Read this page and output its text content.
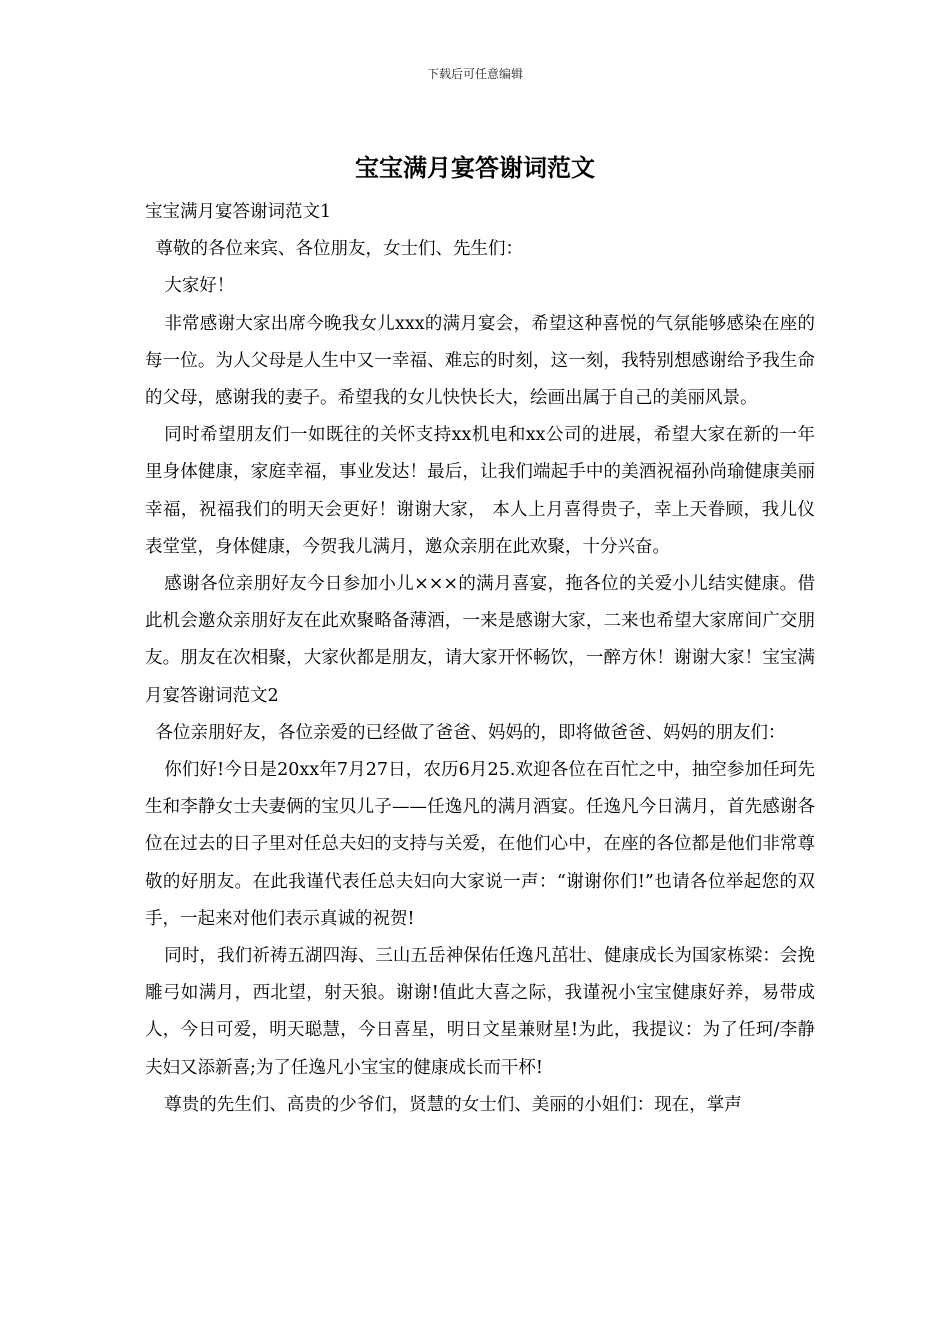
下载后可任意编辑
宝宝满月宴答谢词范文

宝宝满月宴答谢词范文1

尊敬的各位来宾、各位朋友，女士们、先生们：

大家好！

非常感谢大家出席今晚我女儿xxx的满月宴会，希望这种喜悦的气氛能够感染在座的每一位。为人父母是人生中又一幸福、难忘的时刻，这一刻，我特别想感谢给予我生命的父母，感谢我的妻子。希望我的女儿快快长大，绘画出属于自己的美丽风景。

同时希望朋友们一如既往的关怀支持xx机电和xx公司的进展，希望大家在新的一年里身体健康，家庭幸福，事业发达！最后，让我们端起手中的美酒祝福孙尚瑜健康美丽幸福，祝福我们的明天会更好！谢谢大家， 本人上月喜得贵子，幸上天眷顾，我儿仪表堂堂，身体健康，今贺我儿满月，邀众亲朋在此欢聚，十分兴奋。

感谢各位亲朋好友今日参加小儿×××的满月喜宴，拖各位的关爱小儿结实健康。借此机会邀众亲朋好友在此欢聚略备薄酒，一来是感谢大家，二来也希望大家席间广交朋友。朋友在次相聚，大家伙都是朋友，请大家开怀畅饮，一醉方休！谢谢大家！宝宝满月宴答谢词范文2

各位亲朋好友，各位亲爱的已经做了爸爸、妈妈的，即将做爸爸、妈妈的朋友们：

你们好!今日是20xx年7月27日，农历6月25.欢迎各位在百忙之中，抽空参加任珂先生和李静女士夫妻俩的宝贝儿子——任逸凡的满月酒宴。任逸凡今日满月，首先感谢各位在过去的日子里对任总夫妇的支持与关爱，在他们心中，在座的各位都是他们非常尊敬的好朋友。在此我谨代表任总夫妇向大家说一声：“谢谢你们!”也请各位举起您的双手，一起来对他们表示真诚的祝贺!

同时，我们祈祷五湖四海、三山五岳神保佑任逸凡茁壮、健康成长为国家栋梁：会挽雕弓如满月，西北望，射天狼。谢谢!值此大喜之际，我谨祝小宝宝健康好养，易带成人，今日可爱，明天聪慧，今日喜星，明日文星兼财星!为此，我提议：为了任珂/李静夫妇又添新喜;为了任逸凡小宝宝的健康成长而干杯!

尊贵的先生们、高贵的少爷们，贤慧的女士们、美丽的小姐们：现在，掌声
